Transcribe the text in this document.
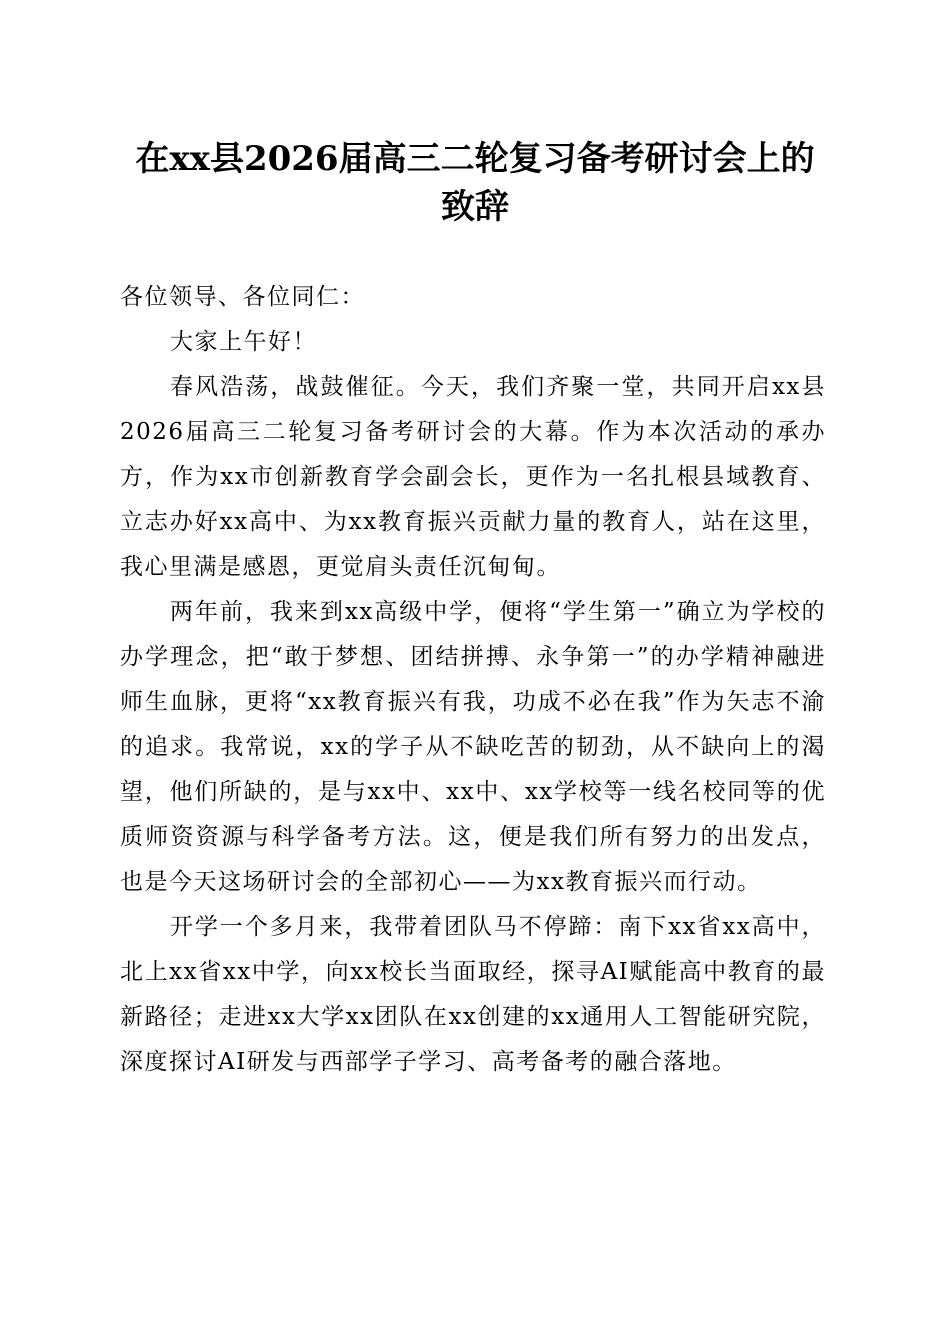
在xx县2026届高三二轮复习备考研讨会上的
致辞

各位领导、各位同仁：

大家上午好！

春风浩荡，战鼓催征。今天，我们齐聚一堂，共同开启xx县2026届高三二轮复习备考研讨会的大幕。作为本次活动的承办方，作为xx市创新教育学会副会长，更作为一名扎根县域教育、立志办好xx高中、为xx教育振兴贡献力量的教育人，站在这里，我心里满是感恩，更觉肩头责任沉甸甸。

两年前，我来到xx高级中学，便将“学生第一”确立为学校的办学理念，把“敢于梦想、团结拼搏、永争第一”的办学精神融进师生血脉，更将“xx教育振兴有我，功成不必在我”作为矢志不渝的追求。我常说，xx的学子从不缺吃苦的韧劲，从不缺向上的渴望，他们所缺的，是与xx中、xx中、xx学校等一线名校同等的优质师资资源与科学备考方法。这，便是我们所有努力的出发点，也是今天这场研讨会的全部初心——为xx教育振兴而行动。

开学一个多月来，我带着团队马不停蹄：南下xx省xx高中，北上xx省xx中学，向xx校长当面取经，探寻AI赋能高中教育的最新路径；走进xx大学xx团队在xx创建的xx通用人工智能研究院，深度探讨AI研发与西部学子学习、高考备考的融合落地。
